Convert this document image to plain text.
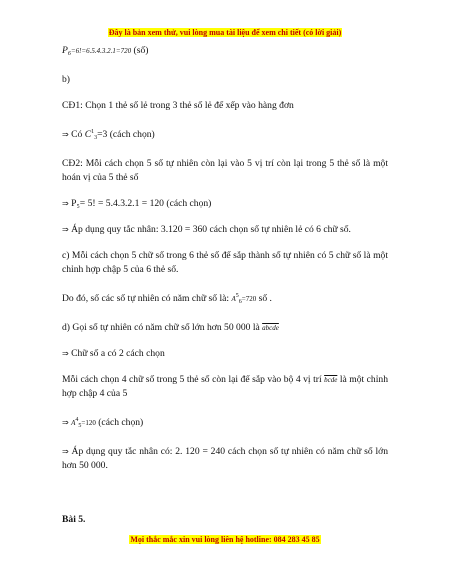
Đây là bản xem thử, vui lòng mua tài liệu để xem chi tiết (có lời giải)

$P_6=6!=6.5.4.3.2.1=720$ (số)

b)

CĐ1: Chọn 1 thẻ số lẻ trong 3 thẻ số lẻ để xếp vào hàng đơn

⇒ Có $C^1_3=3$ (cách chọn)

CĐ2: Mỗi cách chọn 5 số tự nhiên còn lại vào 5 vị trí còn lại trong 5 thẻ số là một hoán vị của 5 thẻ số

⇒ P₅= 5! = 5.4.3.2.1 = 120 (cách chọn)

⇒ Áp dụng quy tắc nhân: 3.120 = 360 cách chọn số tự nhiên lẻ có 6 chữ số.

c) Mỗi cách chọn 5 chữ số trong 6 thẻ số để sắp thành số tự nhiên có 5 chữ số là một chỉnh hợp chập 5 của 6 thẻ số.

Do đó, số các số tự nhiên có năm chữ số là: $A^5_6=720$ số .

d) Gọi số tự nhiên có năm chữ số lớn hơn 50 000 là abcde

⇒ Chữ số a có 2 cách chọn

Mỗi cách chọn 4 chữ số trong 5 thẻ số còn lại để sắp vào bộ 4 vị trí bcde là một chỉnh hợp chập 4 của 5

⇒ $A^4_5=120$ (cách chọn)

⇒ Áp dụng quy tắc nhân có: 2. 120 = 240 cách chọn số tự nhiên có năm chữ số lớn hơn 50 000.

Bài 5.

Mọi thắc mắc xin vui lòng liên hệ hotline: 084 283 45 85
